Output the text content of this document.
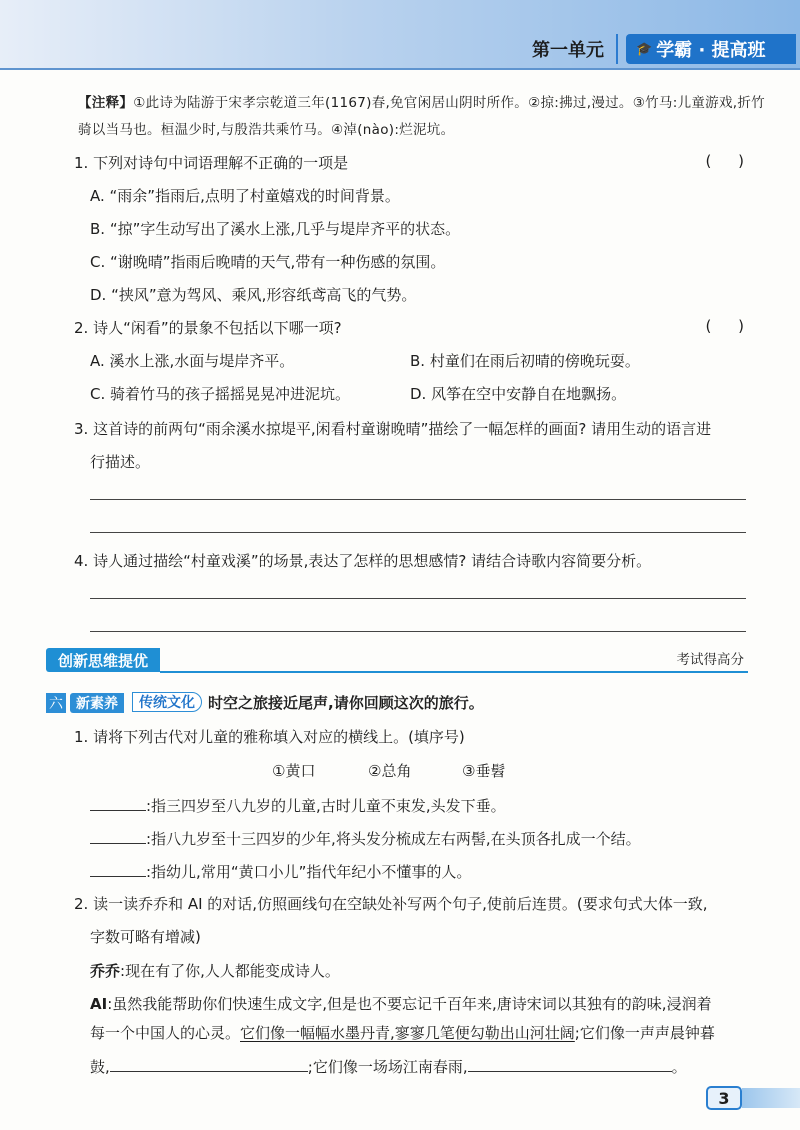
第一单元	🎓 学霸 · 提高班
【注释】①此诗为陆游于宋孝宗乾道三年(1167)春,免官闲居山阴时所作。②掠:拂过,漫过。③竹马:儿童游戏,折竹
骑以当马也。桓温少时,与殷浩共乘竹马。④淖(nào):烂泥坑。
1. 下列对诗句中词语理解不正确的一项是	( )
A. “雨余”指雨后,点明了村童嬉戏的时间背景。
B. “掠”字生动写出了溪水上涨,几乎与堤岸齐平的状态。
C. “谢晚晴”指雨后晚晴的天气,带有一种伤感的氛围。
D. “挟风”意为驾风、乘风,形容纸鸢高飞的气势。
2. 诗人“闲看”的景象不包括以下哪一项?	( )
A. 溪水上涨,水面与堤岸齐平。	B. 村童们在雨后初晴的傍晚玩耍。
C. 骑着竹马的孩子摇摇晃晃冲进泥坑。	D. 风筝在空中安静自在地飘扬。
3. 这首诗的前两句“雨余溪水掠堤平,闲看村童谢晚晴”描绘了一幅怎样的画面? 请用生动的语言进
行描述。
4. 诗人通过描绘“村童戏溪”的场景,表达了怎样的思想感情? 请结合诗歌内容简要分析。
创新思维提优	考试得高分
六 新素养	传统文化 时空之旅接近尾声,请你回顾这次的旅行。
1. 请将下列古代对儿童的雅称填入对应的横线上。(填序号)
①黄口	②总角	③垂髫
:指三四岁至八九岁的儿童,古时儿童不束发,头发下垂。
:指八九岁至十三四岁的少年,将头发分梳成左右两髻,在头顶各扎成一个结。
:指幼儿,常用“黄口小儿”指代年纪小不懂事的人。
2. 读一读乔乔和 AI 的对话,仿照画线句在空缺处补写两个句子,使前后连贯。(要求句式大体一致,
字数可略有增减)
乔乔:现在有了你,人人都能变成诗人。
AI:虽然我能帮助你们快速生成文字,但是也不要忘记千百年来,唐诗宋词以其独有的韵味,浸润着
每一个中国人的心灵。它们像一幅幅水墨丹青,寥寥几笔便勾勒出山河壮阔;它们像一声声晨钟暮
鼓,	;它们像一场场江南春雨,	。
3
